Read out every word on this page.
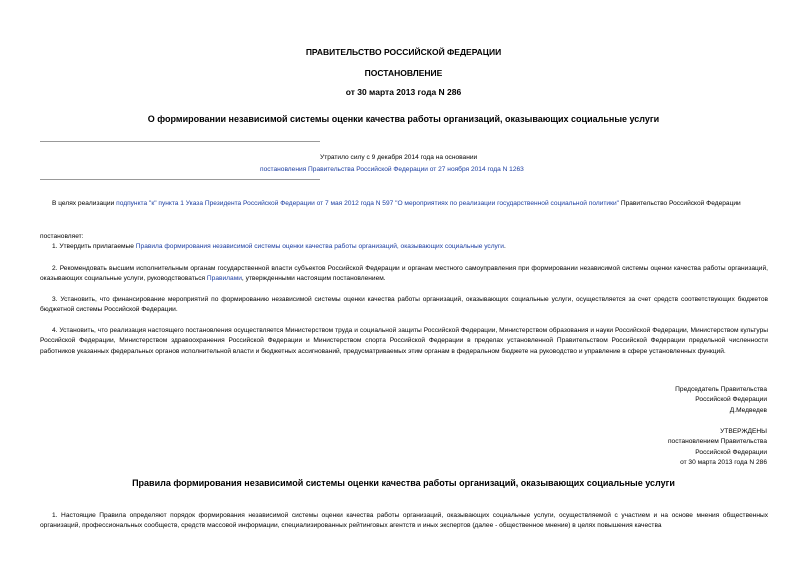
ПРАВИТЕЛЬСТВО РОССИЙСКОЙ ФЕДЕРАЦИИ
ПОСТАНОВЛЕНИЕ
от 30 марта 2013 года N 286
О формировании независимой системы оценки качества работы организаций, оказывающих социальные услуги
Утратило силу с 9 декабря 2014 года на основании
постановления Правительства Российской Федерации от 27 ноября 2014 года N 1263
В целях реализации подпункта "к" пункта 1 Указа Президента Российской Федерации от 7 мая 2012 года N 597 "О мероприятиях по реализации государственной социальной политики" Правительство Российской Федерации
постановляет:
1. Утвердить прилагаемые Правила формирования независимой системы оценки качества работы организаций, оказывающих социальные услуги.
2. Рекомендовать высшим исполнительным органам государственной власти субъектов Российской Федерации и органам местного самоуправления при формировании независимой системы оценки качества работы организаций, оказывающих социальные услуги, руководствоваться Правилами, утвержденными настоящим постановлением.
3. Установить, что финансирование мероприятий по формированию независимой системы оценки качества работы организаций, оказывающих социальные услуги, осуществляется за счет средств соответствующих бюджетов бюджетной системы Российской Федерации.
4. Установить, что реализация настоящего постановления осуществляется Министерством труда и социальной защиты Российской Федерации, Министерством образования и науки Российской Федерации, Министерством культуры Российской Федерации, Министерством здравоохранения Российской Федерации и Министерством спорта Российской Федерации в пределах установленной Правительством Российской Федерации предельной численности работников указанных федеральных органов исполнительной власти и бюджетных ассигнований, предусматриваемых этим органам в федеральном бюджете на руководство и управление в сфере установленных функций.
Председатель Правительства
Российской Федерации
Д.Медведев
УТВЕРЖДЕНЫ
постановлением Правительства
Российской Федерации
от 30 марта 2013 года N 286
Правила формирования независимой системы оценки качества работы организаций, оказывающих социальные услуги
1. Настоящие Правила определяют порядок формирования независимой системы оценки качества работы организаций, оказывающих социальные услуги, осуществляемой с участием и на основе мнения общественных организаций, профессиональных сообществ, средств массовой информации, специализированных рейтинговых агентств и иных экспертов (далее - общественное мнение) в целях повышения качества
